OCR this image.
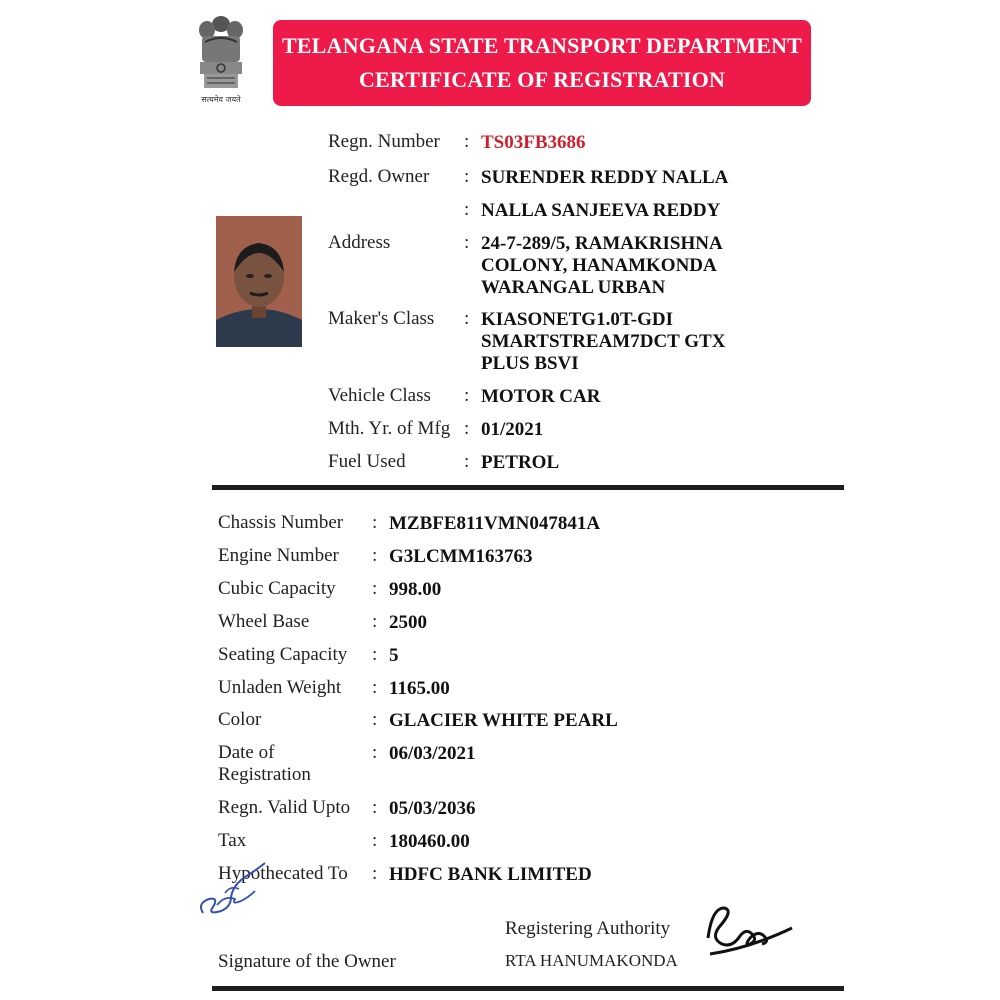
सत्यमेव जयते
TELANGANA STATE TRANSPORT DEPARTMENT
CERTIFICATE OF REGISTRATION
Regn. Number : TS03FB3686
Regd. Owner : SURENDER REDDY NALLA
: NALLA SANJEEVA REDDY
Address	: 24-7-289/5, RAMAKRISHNA
COLONY, HANAMKONDA
WARANGAL URBAN
Maker's Class : KIASONETG1.0T-GDI
SMARTSTREAM7DCT GTX
PLUS BSVI
Vehicle Class : MOTOR CAR
Mth. Yr. of Mfg : 01/2021
Fuel Used	: PETROL
Chassis Number : MZBFE811VMN047841A
Engine Number : G3LCMM163763
Cubic Capacity : 998.00
Wheel Base	: 2500
Seating Capacity : 5
Unladen Weight : 1165.00
Color	: GLACIER WHITE PEARL
Date of
Registration
: 06/03/2021
Regn. Valid Upto : 05/03/2036
Tax	: 180460.00
Hypothecated To : HDFC BANK LIMITED
Signature of the Owner
Registering Authority
RTA HANUMAKONDA
